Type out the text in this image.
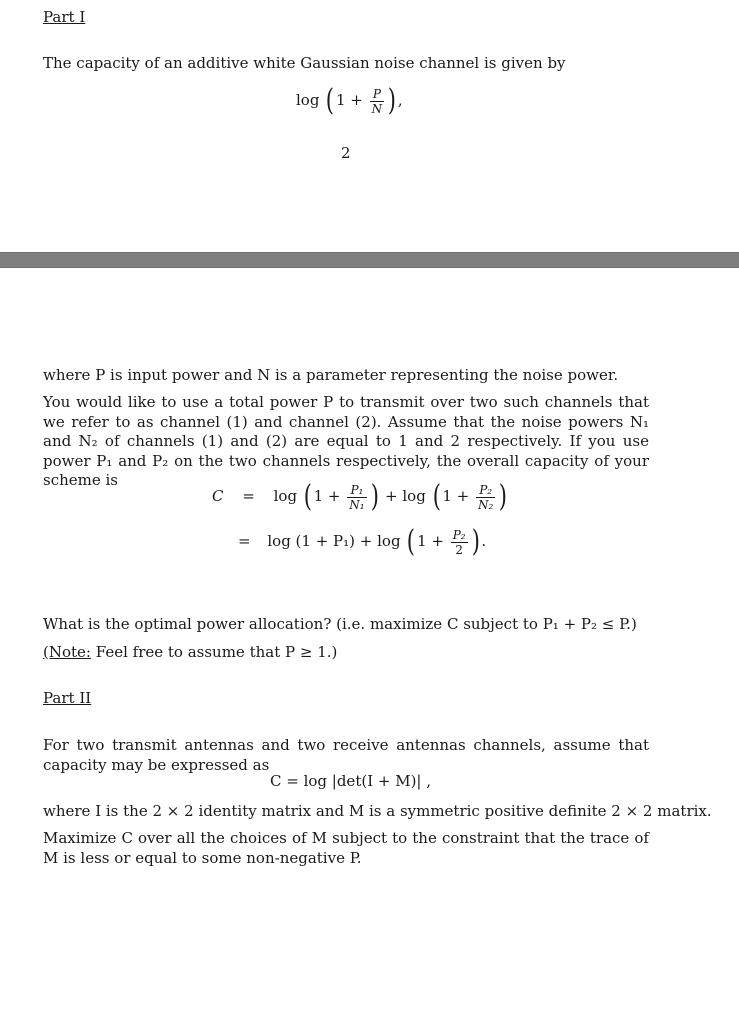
Part I
The capacity of an additive white Gaussian noise channel is given by
log ( $1 + \frac{P}{N}$ ) ,
2
where P is input power and N is a parameter representing the noise power.
You would like to use a total power P to transmit over two such channels that we refer to as channel (1) and channel (2). Assume that the noise powers N₁ and N₂ of channels (1) and (2) are equal to 1 and 2 respectively. If you use power P₁ and P₂ on the two channels respectively, the overall capacity of your scheme is
C = log ( $1 + \frac{\text{P₁}}{\text{N₁}}$ ) + log ( $1 + \frac{\text{P₂}}{\text{N₂}}$ )
= log (1 + P₁) + log ( $1 + \frac{\text{P₂}}{2}$ ) .
What is the optimal power allocation? (i.e. maximize C subject to P₁ + P₂ ≤ P.)
(Note: Feel free to assume that P ≥ 1.)
Part II
For two transmit antennas and two receive antennas channels, assume that capacity may be expressed as
C = log |det(I + M)| ,
where I is the 2 × 2 identity matrix and M is a symmetric positive definite 2 × 2 matrix.
Maximize C over all the choices of M subject to the constraint that the trace of M is less or equal to some non-negative P.
